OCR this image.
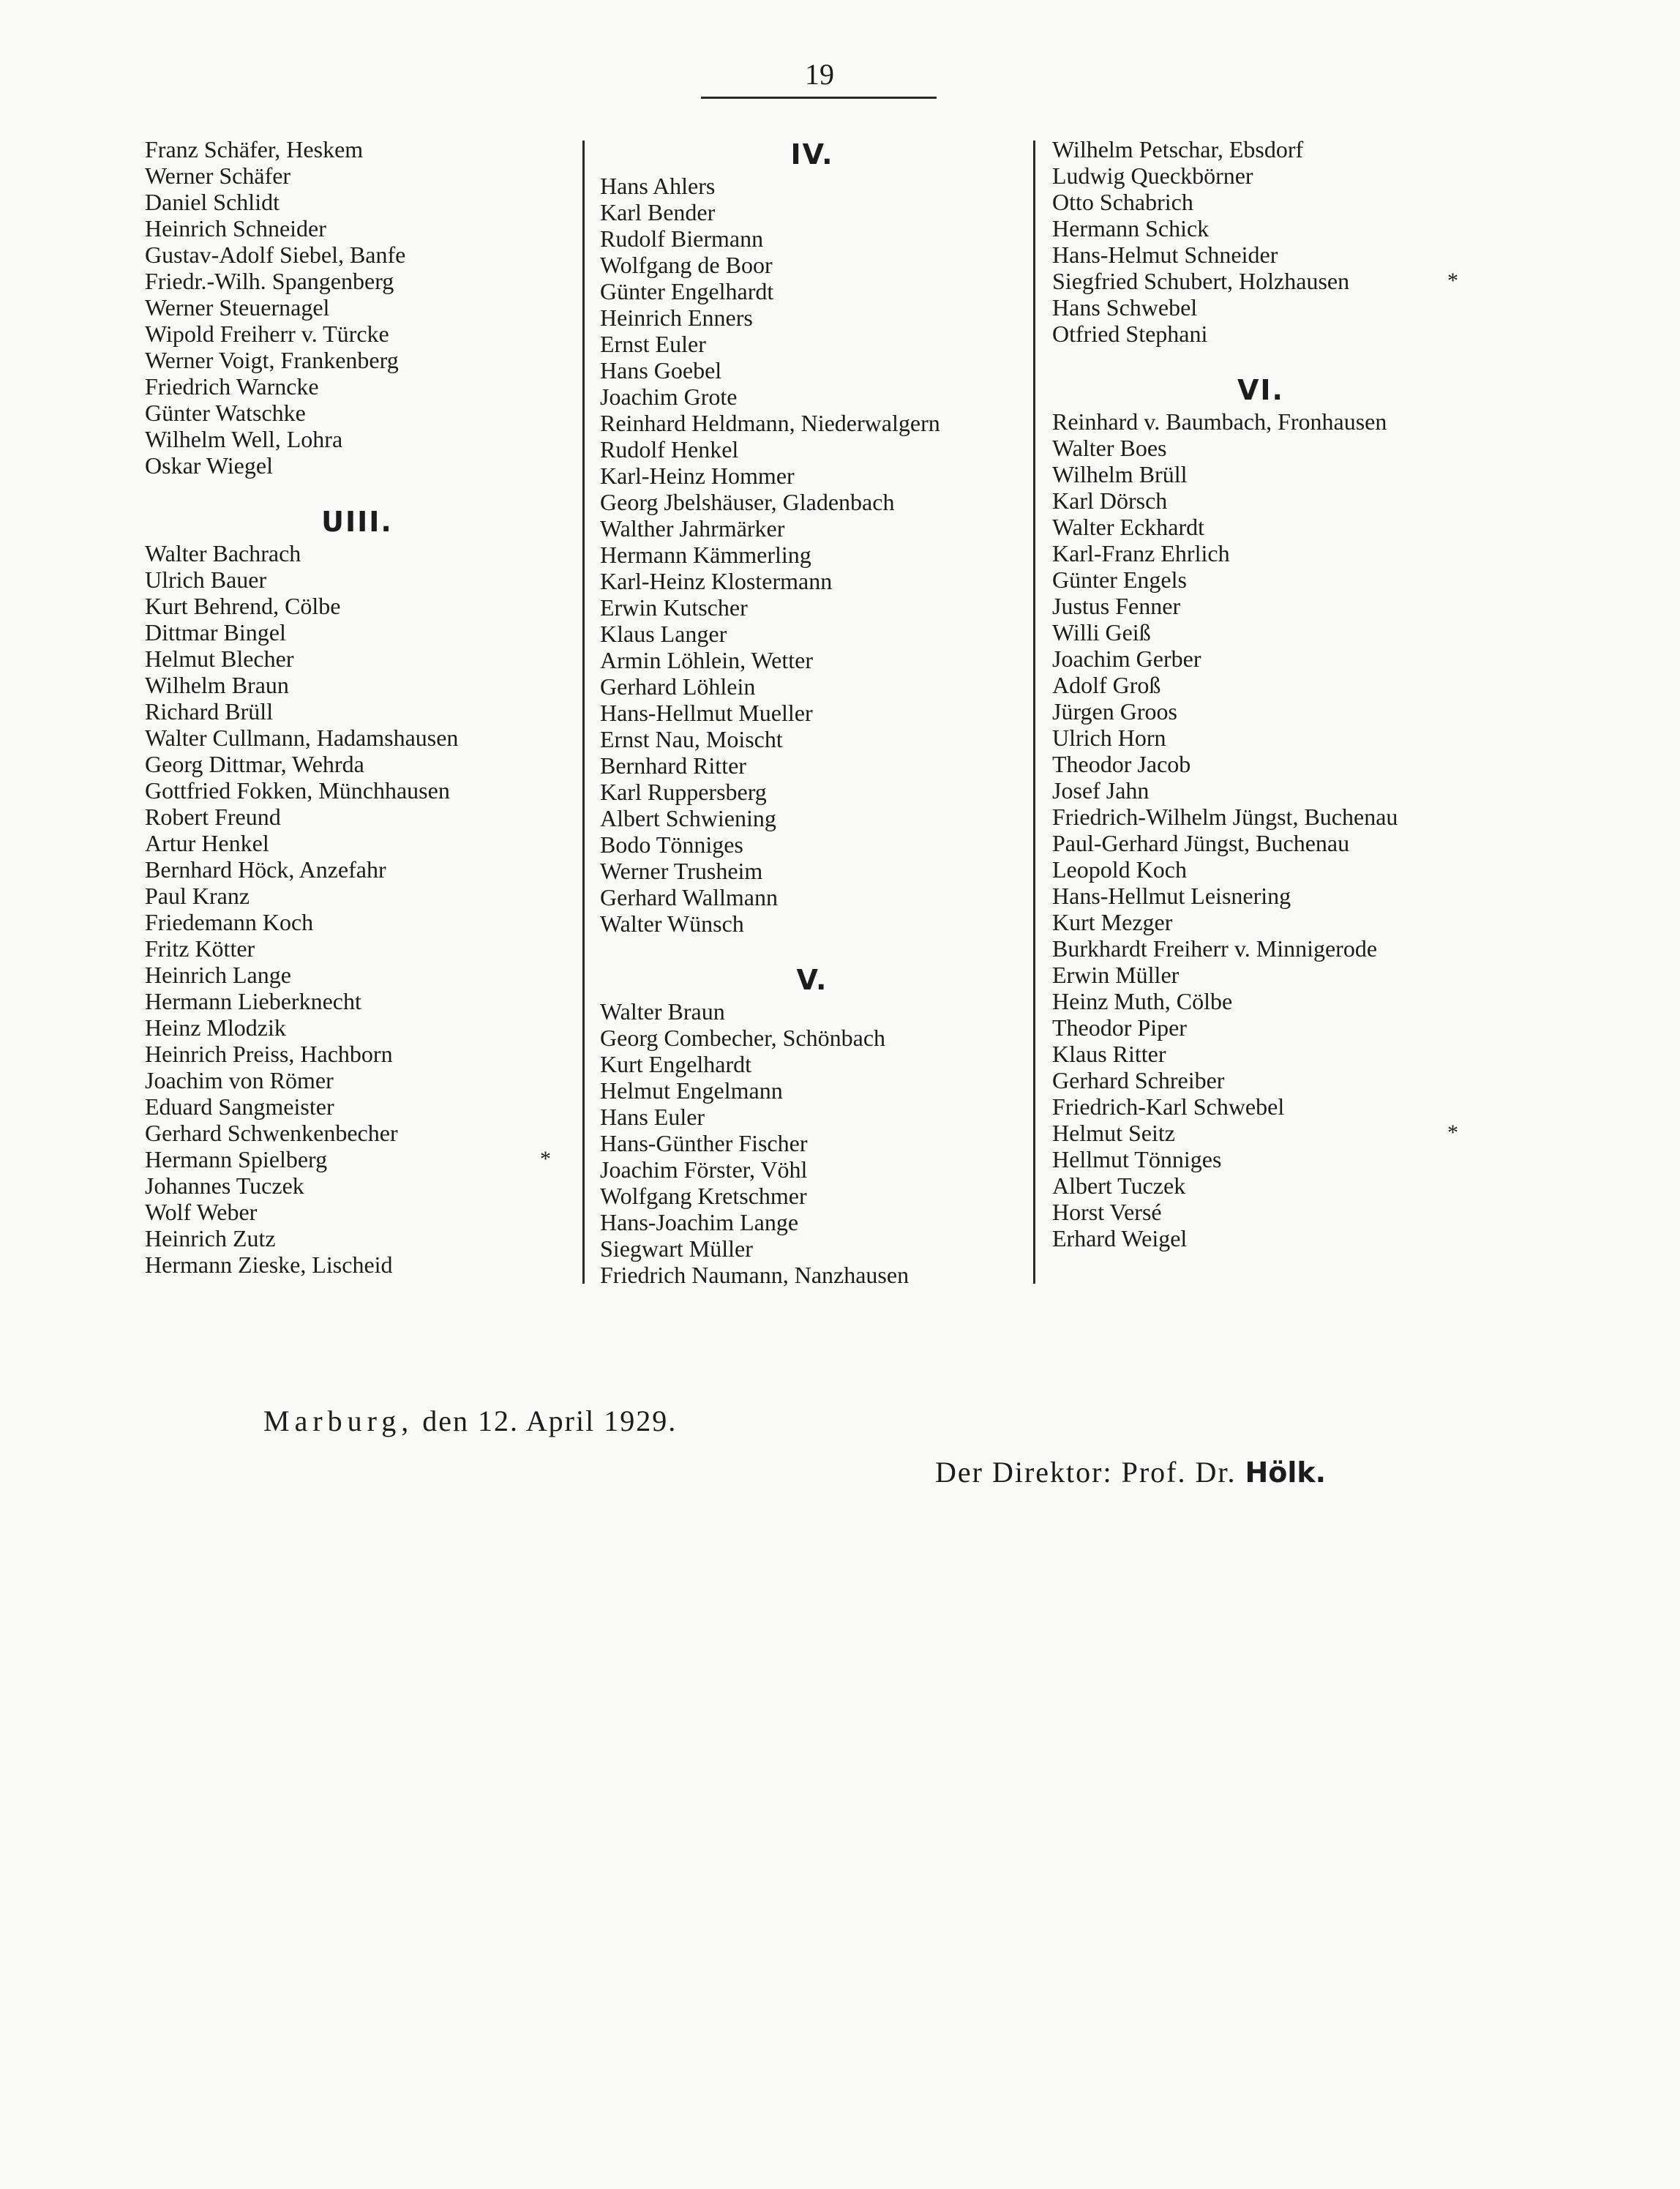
19
Franz Schäfer, Heskem
Werner Schäfer
Daniel Schlidt
Heinrich Schneider
Gustav-Adolf Siebel, Banfe
Friedr.-Wilh. Spangenberg
Werner Steuernagel
Wipold Freiherr v. Türcke
Werner Voigt, Frankenberg
Friedrich Warncke
Günter Watschke
Wilhelm Well, Lohra
Oskar Wiegel
UIII.
Walter Bachrach
Ulrich Bauer
Kurt Behrend, Cölbe
Dittmar Bingel
Helmut Blecher
Wilhelm Braun
Richard Brüll
Walter Cullmann, Hadamshausen
Georg Dittmar, Wehrda
Gottfried Fokken, Münchhausen
Robert Freund
Artur Henkel
Bernhard Höck, Anzefahr
Paul Kranz
Friedemann Koch
Fritz Kötter
Heinrich Lange
Hermann Lieberknecht
Heinz Mlodzik
Heinrich Preiss, Hachborn
Joachim von Römer
Eduard Sangmeister
Gerhard Schwenkenbecher
Hermann Spielberg	*
Johannes Tuczek
Wolf Weber
Heinrich Zutz
Hermann Zieske, Lischeid
IV.
Hans Ahlers
Karl Bender
Rudolf Biermann
Wolfgang de Boor
Günter Engelhardt
Heinrich Enners
Ernst Euler
Hans Goebel
Joachim Grote
Reinhard Heldmann, Niederwalgern
Rudolf Henkel
Karl-Heinz Hommer
Georg Jbelshäuser, Gladenbach
Walther Jahrmärker
Hermann Kämmerling
Karl-Heinz Klostermann
Erwin Kutscher
Klaus Langer
Armin Löhlein, Wetter
Gerhard Löhlein
Hans-Hellmut Mueller
Ernst Nau, Moischt
Bernhard Ritter
Karl Ruppersberg
Albert Schwiening
Bodo Tönniges
Werner Trusheim
Gerhard Wallmann
Walter Wünsch
V.
Walter Braun
Georg Combecher, Schönbach
Kurt Engelhardt
Helmut Engelmann
Hans Euler
Hans-Günther Fischer
Joachim Förster, Vöhl
Wolfgang Kretschmer
Hans-Joachim Lange
Siegwart Müller
Friedrich Naumann, Nanzhausen
Wilhelm Petschar, Ebsdorf
Ludwig Queckbörner
Otto Schabrich
Hermann Schick
Hans-Helmut Schneider
Siegfried Schubert, Holzhausen	*
Hans Schwebel
Otfried Stephani
VI.
Reinhard v. Baumbach, Fronhausen
Walter Boes
Wilhelm Brüll
Karl Dörsch
Walter Eckhardt
Karl-Franz Ehrlich
Günter Engels
Justus Fenner
Willi Geiß
Joachim Gerber
Adolf Groß
Jürgen Groos
Ulrich Horn
Theodor Jacob
Josef Jahn
Friedrich-Wilhelm Jüngst, Buchenau
Paul-Gerhard Jüngst, Buchenau
Leopold Koch
Hans-Hellmut Leisnering
Kurt Mezger
Burkhardt Freiherr v. Minnigerode
Erwin Müller
Heinz Muth, Cölbe
Theodor Piper
Klaus Ritter
Gerhard Schreiber
Friedrich-Karl Schwebel
Helmut Seitz	*
Hellmut Tönniges
Albert Tuczek
Horst Versé
Erhard Weigel
Marburg, den 12. April 1929.
Der Direktor: Prof. Dr. Hölk.
